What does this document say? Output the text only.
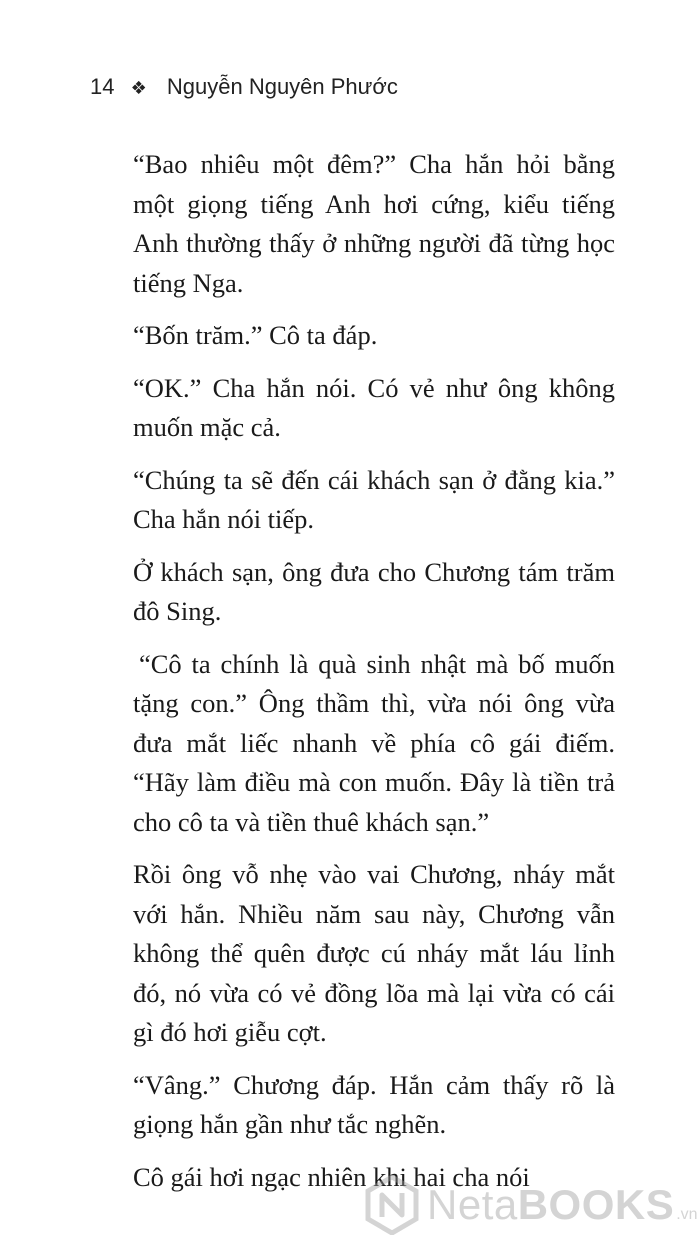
14 ❖ Nguyễn Nguyên Phước

“Bao nhiêu một đêm?” Cha hắn hỏi bằng một giọng tiếng Anh hơi cứng, kiểu tiếng Anh thường thấy ở những người đã từng học tiếng Nga.

“Bốn trăm.” Cô ta đáp.

“OK.” Cha hắn nói. Có vẻ như ông không muốn mặc cả.

“Chúng ta sẽ đến cái khách sạn ở đằng kia.” Cha hắn nói tiếp.

Ở khách sạn, ông đưa cho Chương tám trăm đô Sing.

“Cô ta chính là quà sinh nhật mà bố muốn tặng con.” Ông thầm thì, vừa nói ông vừa đưa mắt liếc nhanh về phía cô gái điếm. “Hãy làm điều mà con muốn. Đây là tiền trả cho cô ta và tiền thuê khách sạn.”

Rồi ông vỗ nhẹ vào vai Chương, nháy mắt với hắn. Nhiều năm sau này, Chương vẫn không thể quên được cú nháy mắt láu lỉnh đó, nó vừa có vẻ đồng lõa mà lại vừa có cái gì đó hơi giễu cợt.

“Vâng.” Chương đáp. Hắn cảm thấy rõ là giọng hắn gần như tắc nghẽn.

Cô gái hơi ngạc nhiên khi hai cha nói

NetaBOOKS .vn
